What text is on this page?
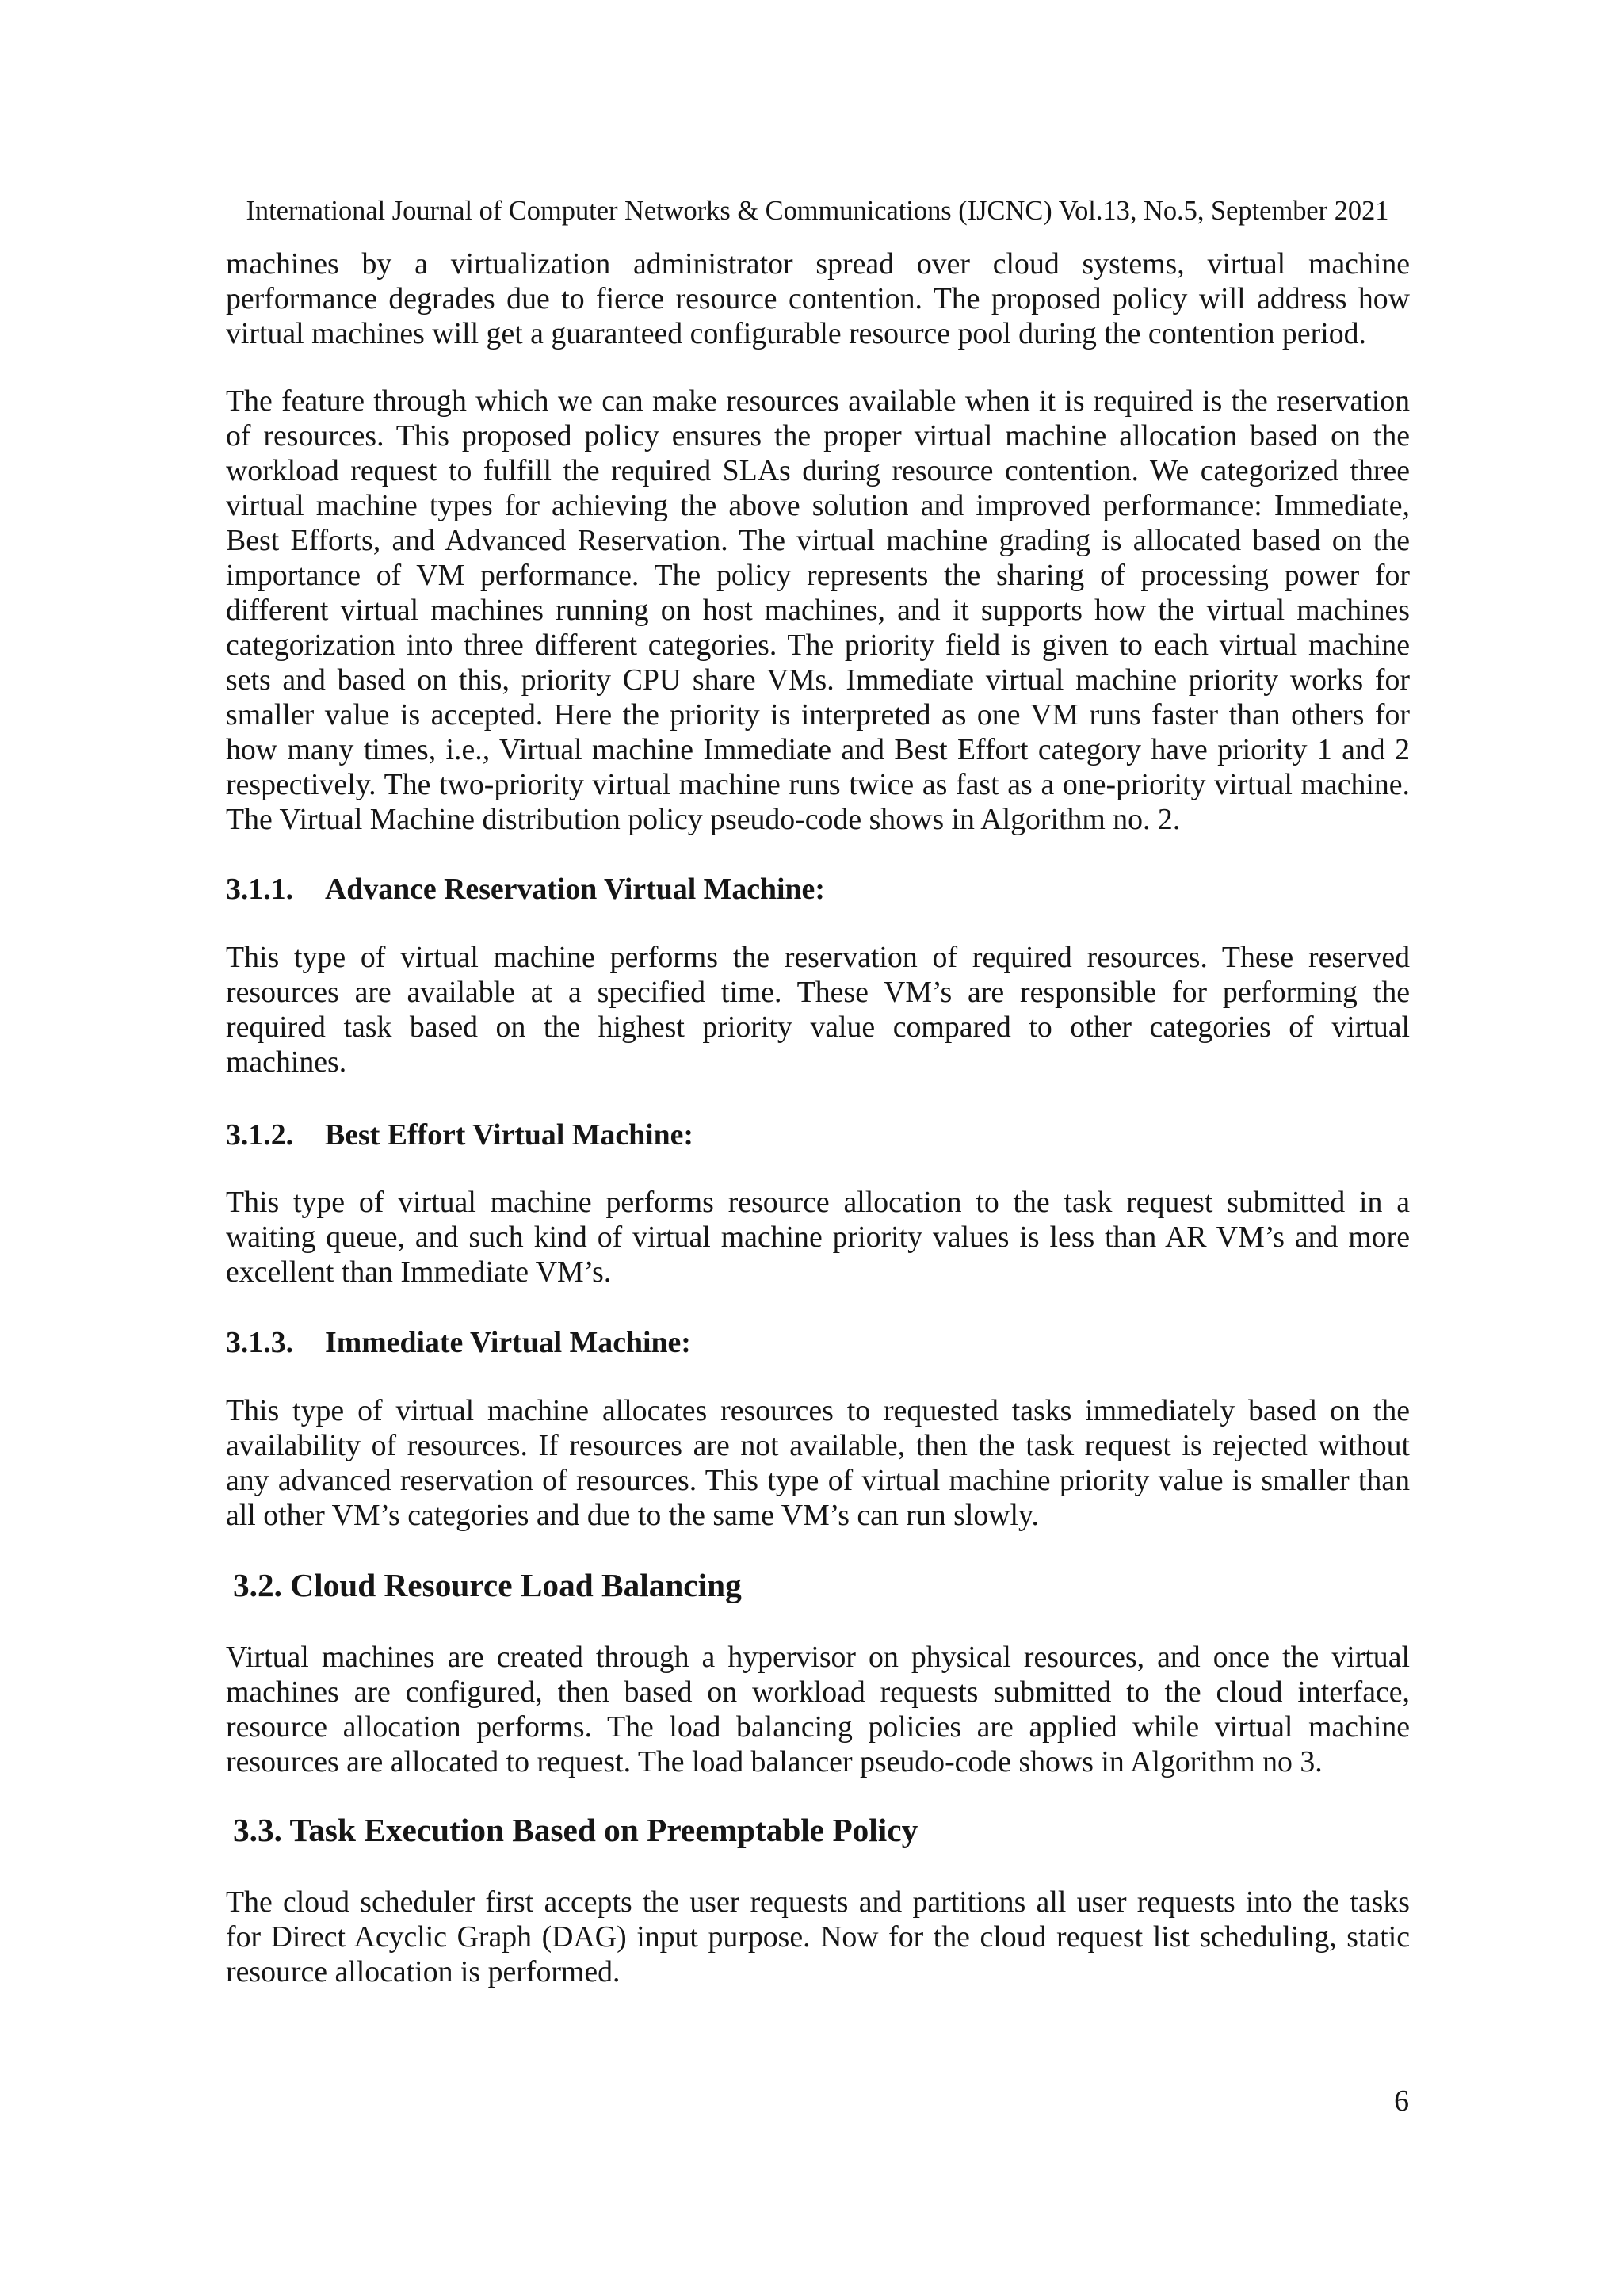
International Journal of Computer Networks & Communications (IJCNC) Vol.13, No.5, September 2021
machines by a virtualization administrator spread over cloud systems, virtual machine
performance degrades due to fierce resource contention. The proposed policy will address how
virtual machines will get a guaranteed configurable resource pool during the contention period.
The feature through which we can make resources available when it is required is the reservation
of resources. This proposed policy ensures the proper virtual machine allocation based on the
workload request to fulfill the required SLAs during resource contention. We categorized three
virtual machine types for achieving the above solution and improved performance: Immediate,
Best Efforts, and Advanced Reservation. The virtual machine grading is allocated based on the
importance of VM performance. The policy represents the sharing of processing power for
different virtual machines running on host machines, and it supports how the virtual machines
categorization into three different categories. The priority field is given to each virtual machine
sets and based on this, priority CPU share VMs. Immediate virtual machine priority works for
smaller value is accepted. Here the priority is interpreted as one VM runs faster than others for
how many times, i.e., Virtual machine Immediate and Best Effort category have priority 1 and 2
respectively. The two-priority virtual machine runs twice as fast as a one-priority virtual machine.
The Virtual Machine distribution policy pseudo-code shows in Algorithm no. 2.
3.1.1. Advance Reservation Virtual Machine:
This type of virtual machine performs the reservation of required resources. These reserved
resources are available at a specified time. These VM’s are responsible for performing the
required task based on the highest priority value compared to other categories of virtual
machines.
3.1.2. Best Effort Virtual Machine:
This type of virtual machine performs resource allocation to the task request submitted in a
waiting queue, and such kind of virtual machine priority values is less than AR VM’s and more
excellent than Immediate VM’s.
3.1.3. Immediate Virtual Machine:
This type of virtual machine allocates resources to requested tasks immediately based on the
availability of resources. If resources are not available, then the task request is rejected without
any advanced reservation of resources. This type of virtual machine priority value is smaller than
all other VM’s categories and due to the same VM’s can run slowly.
3.2. Cloud Resource Load Balancing
Virtual machines are created through a hypervisor on physical resources, and once the virtual
machines are configured, then based on workload requests submitted to the cloud interface,
resource allocation performs. The load balancing policies are applied while virtual machine
resources are allocated to request. The load balancer pseudo-code shows in Algorithm no 3.
3.3. Task Execution Based on Preemptable Policy
The cloud scheduler first accepts the user requests and partitions all user requests into the tasks
for Direct Acyclic Graph (DAG) input purpose. Now for the cloud request list scheduling, static
resource allocation is performed.
6
